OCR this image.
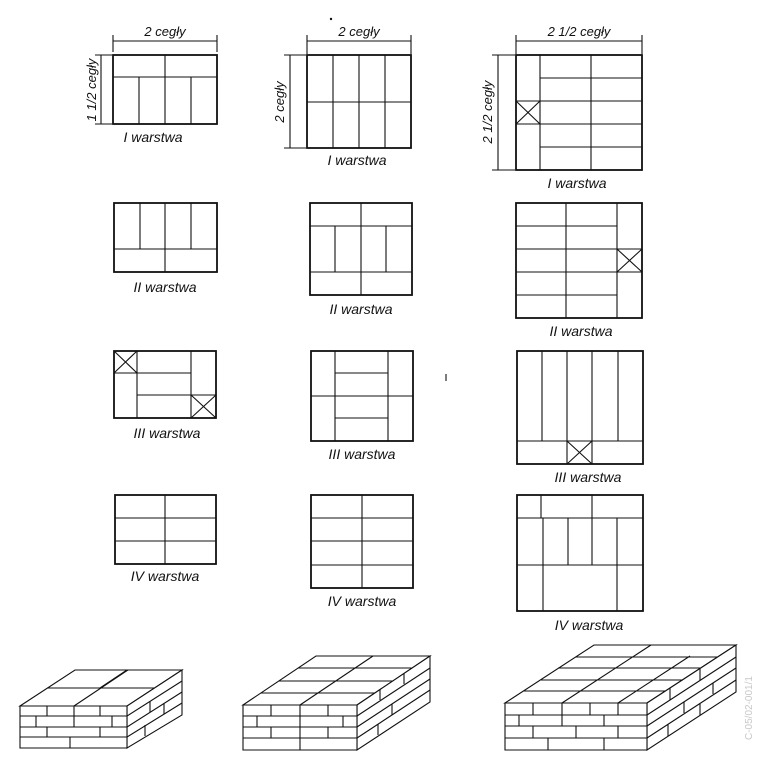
2 cegły
1 1/2 cegły
I warstwa
II warstwa
III warstwa
IV warstwa
2 cegły
2 cegły
I warstwa
II warstwa
III warstwa
IV warstwa
2 1/2 cegły
2 1/2 cegły
I warstwa
II warstwa
III warstwa
IV warstwa
C-05/02-001/1
